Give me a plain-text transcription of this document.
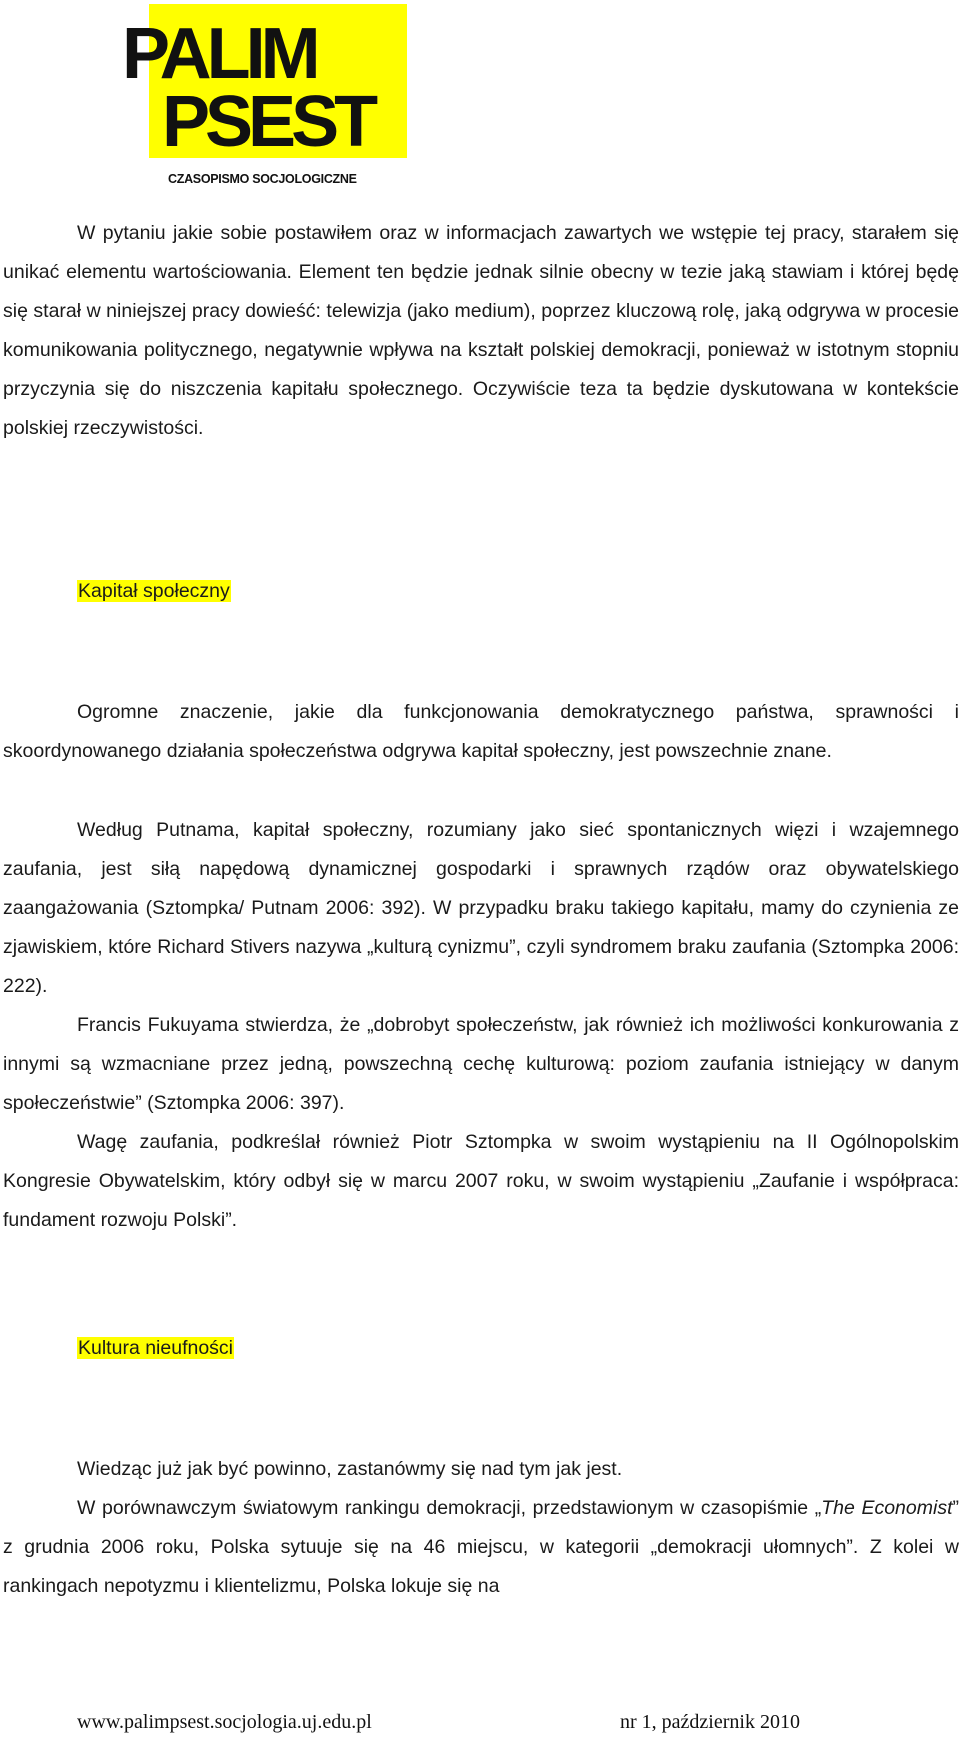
PALIM
PSEST
CZASOPISMO SOCJOLOGICZNE

W pytaniu jakie sobie postawiłem oraz w informacjach zawartych we wstępie tej pracy, starałem się unikać elementu wartościowania. Element ten będzie jednak silnie obecny w tezie jaką stawiam i której będę się starał w niniejszej pracy dowieść: telewizja (jako medium), poprzez kluczową rolę, jaką odgrywa w procesie komunikowania politycznego, negatywnie wpływa na kształt polskiej demokracji, ponieważ w istotnym stopniu przyczynia się do niszczenia kapitału społecznego. Oczywiście teza ta będzie dyskutowana w kontekście polskiej rzeczywistości.

Kapitał społeczny

Ogromne znaczenie, jakie dla funkcjonowania demokratycznego państwa, sprawności i skoordynowanego działania społeczeństwa odgrywa kapitał społeczny, jest powszechnie znane.

Według Putnama, kapitał społeczny, rozumiany jako sieć spontanicznych więzi i wzajemnego zaufania, jest siłą napędową dynamicznej gospodarki i sprawnych rządów oraz obywatelskiego zaangażowania (Sztompka/ Putnam 2006: 392). W przypadku braku takiego kapitału, mamy do czynienia ze zjawiskiem, które Richard Stivers nazywa „kulturą cynizmu”, czyli syndromem braku zaufania (Sztompka 2006: 222).

Francis Fukuyama stwierdza, że „dobrobyt społeczeństw, jak również ich możliwości konkurowania z innymi są wzmacniane przez jedną, powszechną cechę kulturową: poziom zaufania istniejący w danym społeczeństwie” (Sztompka 2006: 397).

Wagę zaufania, podkreślał również Piotr Sztompka w swoim wystąpieniu na II Ogólnopolskim Kongresie Obywatelskim, który odbył się w marcu 2007 roku, w swoim wystąpieniu „Zaufanie i współpraca: fundament rozwoju Polski”.

Kultura nieufności

Wiedząc już jak być powinno, zastanówmy się nad tym jak jest.

W porównawczym światowym rankingu demokracji, przedstawionym w czasopiśmie „The Economist” z grudnia 2006 roku, Polska sytuuje się na 46 miejscu, w kategorii „demokracji ułomnych”. Z kolei w rankingach nepotyzmu i klientelizmu, Polska lokuje się na

www.palimpsest.socjologia.uj.edu.pl	nr 1, październik 2010
